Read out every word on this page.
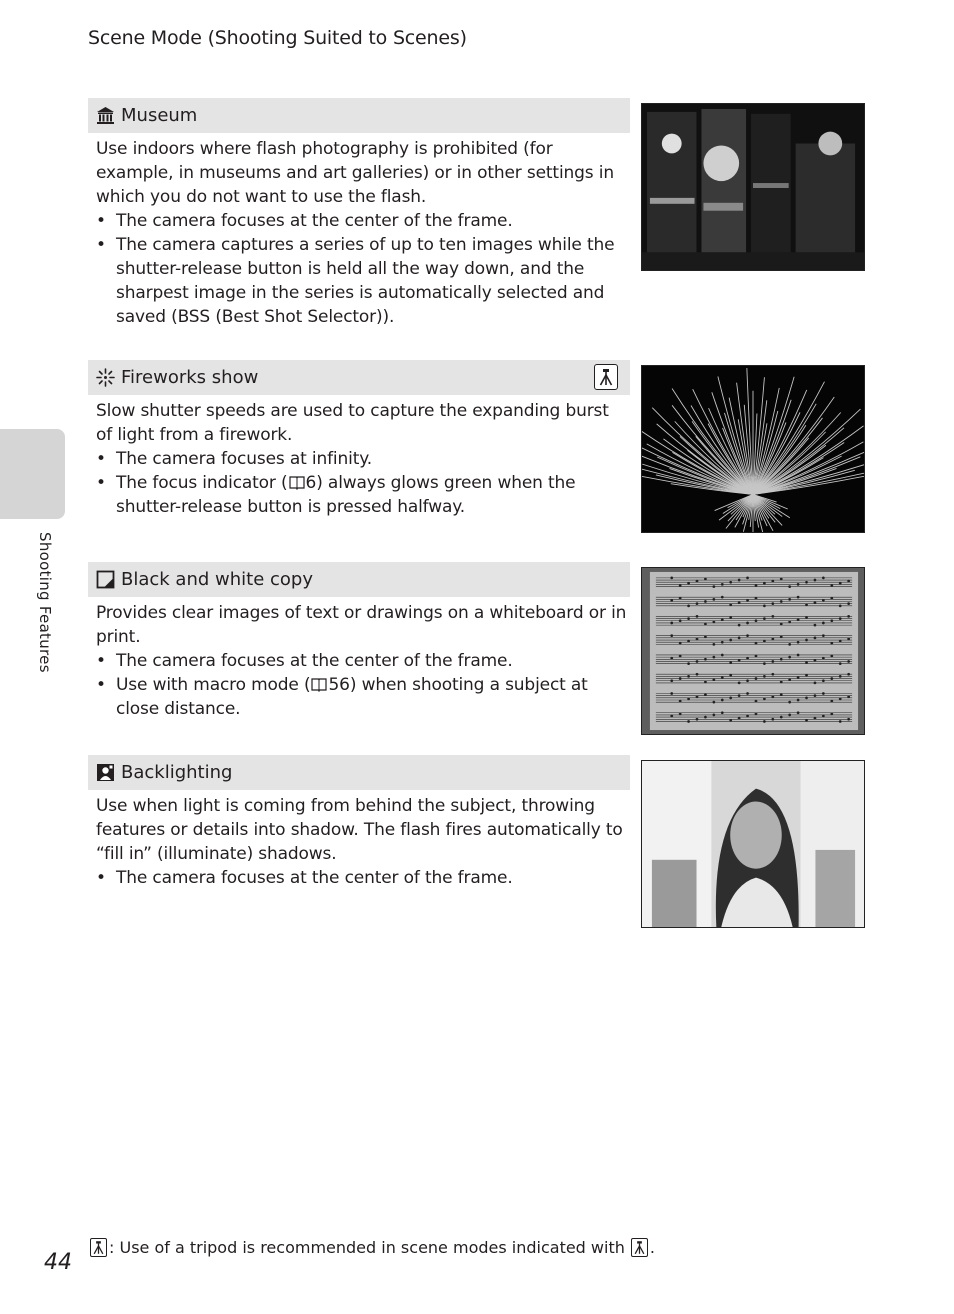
Scene Mode (Shooting Suited to Scenes)
Shooting Features
Museum

Use indoors where flash photography is prohibited (for example, in museums and art galleries) or in other settings in which you do not want to use the flash.

• The camera focuses at the center of the frame.
• The camera captures a series of up to ten images while the shutter-release button is held all the way down, and the sharpest image in the series is automatically selected and saved (BSS (Best Shot Selector)).
Fireworks show

Slow shutter speeds are used to capture the expanding burst of light from a firework.

• The camera focuses at infinity.
• The focus indicator ( 6) always glows green when the shutter-release button is pressed halfway.
Black and white copy

Provides clear images of text or drawings on a whiteboard or in print.

• The camera focuses at the center of the frame.
• Use with macro mode ( 56) when shooting a subject at close distance.
Backlighting

Use when light is coming from behind the subject, throwing features or details into shadow. The flash fires automatically to “fill in” (illuminate) shadows.

• The camera focuses at the center of the frame.
44
: Use of a tripod is recommended in scene modes indicated with .
